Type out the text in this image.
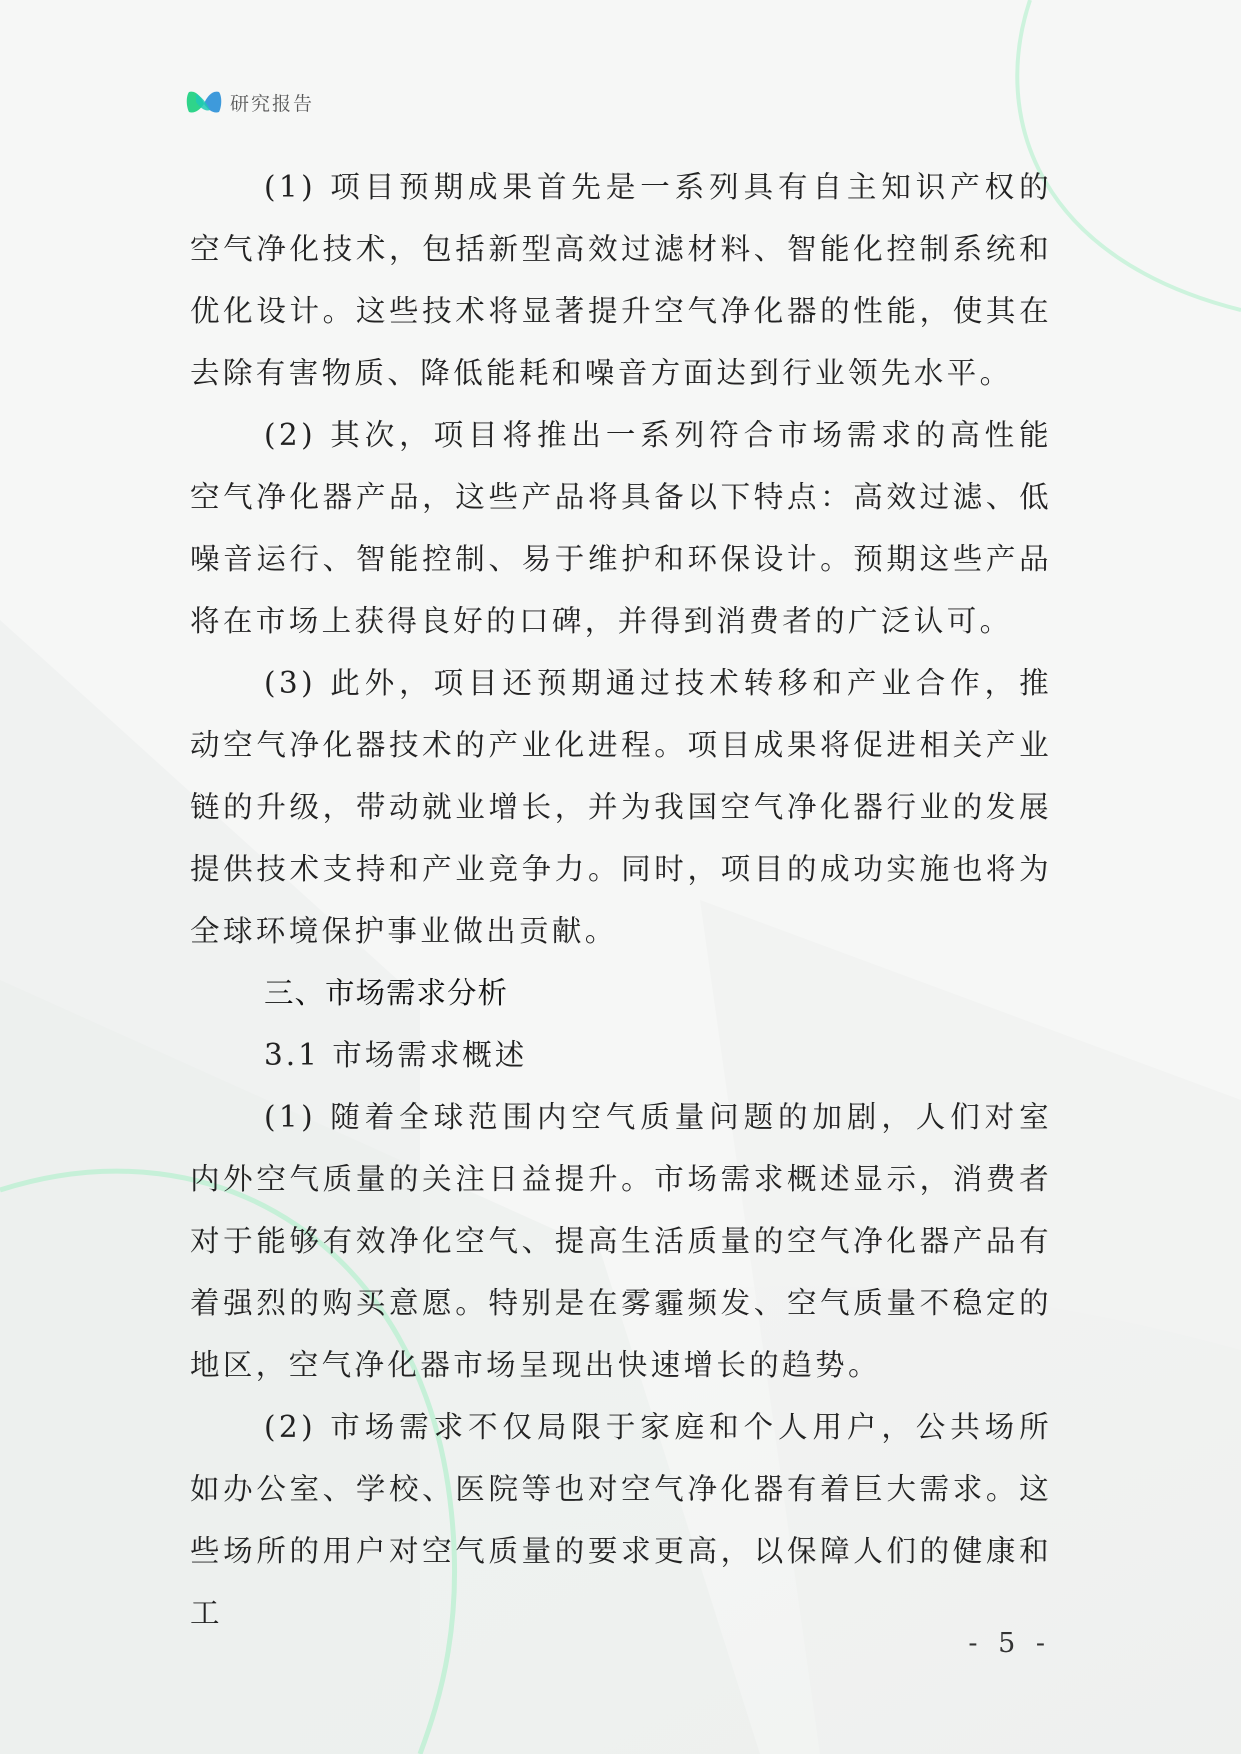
研究报告

(1) 项目预期成果首先是一系列具有自主知识产权的空气净化技术，包括新型高效过滤材料、智能化控制系统和优化设计。这些技术将显著提升空气净化器的性能，使其在去除有害物质、降低能耗和噪音方面达到行业领先水平。

(2) 其次，项目将推出一系列符合市场需求的高性能空气净化器产品，这些产品将具备以下特点：高效过滤、低噪音运行、智能控制、易于维护和环保设计。预期这些产品将在市场上获得良好的口碑，并得到消费者的广泛认可。

(3) 此外，项目还预期通过技术转移和产业合作，推动空气净化器技术的产业化进程。项目成果将促进相关产业链的升级，带动就业增长，并为我国空气净化器行业的发展提供技术支持和产业竞争力。同时，项目的成功实施也将为全球环境保护事业做出贡献。

三、市场需求分析

3.1 市场需求概述

(1) 随着全球范围内空气质量问题的加剧，人们对室内外空气质量的关注日益提升。市场需求概述显示，消费者对于能够有效净化空气、提高生活质量的空气净化器产品有着强烈的购买意愿。特别是在雾霾频发、空气质量不稳定的地区，空气净化器市场呈现出快速增长的趋势。

(2) 市场需求不仅局限于家庭和个人用户，公共场所如办公室、学校、医院等也对空气净化器有着巨大需求。这些场所的用户对空气质量的要求更高，以保障人们的健康和工

- 5 -
